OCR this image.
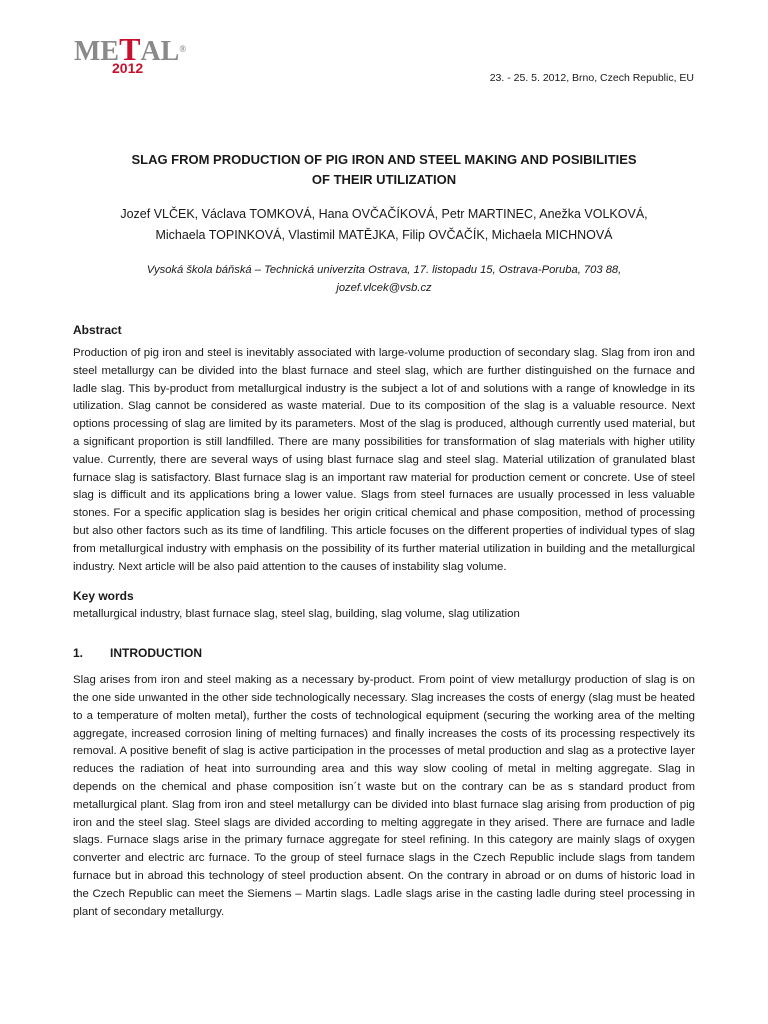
METAL®
2012
23. - 25. 5. 2012, Brno, Czech Republic, EU
SLAG FROM PRODUCTION OF PIG IRON AND STEEL MAKING AND POSIBILITIES
OF THEIR UTILIZATION

Jozef VLČEK, Václava TOMKOVÁ, Hana OVČAČÍKOVÁ, Petr MARTINEC, Anežka VOLKOVÁ,
Michaela TOPINKOVÁ, Vlastimil MATĚJKA, Filip OVČAČÍK, Michaela MICHNOVÁ

Vysoká škola báňská – Technická univerzita Ostrava, 17. listopadu 15, Ostrava-Poruba, 703 88,
jozef.vlcek@vsb.cz

Abstract

Production of pig iron and steel is inevitably associated with large-volume production of secondary slag. Slag from iron and steel metallurgy can be divided into the blast furnace and steel slag, which are further distinguished on the furnace and ladle slag. This by-product from metallurgical industry is the subject a lot of and solutions with a range of knowledge in its utilization. Slag cannot be considered as waste material. Due to its composition of the slag is a valuable resource. Next options processing of slag are limited by its parameters. Most of the slag is produced, although currently used material, but a significant proportion is still landfilled. There are many possibilities for transformation of slag materials with higher utility value. Currently, there are several ways of using blast furnace slag and steel slag. Material utilization of granulated blast furnace slag is satisfactory. Blast furnace slag is an important raw material for production cement or concrete. Use of steel slag is difficult and its applications bring a lower value. Slags from steel furnaces are usually processed in less valuable stones. For a specific application slag is besides her origin critical chemical and phase composition, method of processing but also other factors such as its time of landfiling. This article focuses on the different properties of individual types of slag from metallurgical industry with emphasis on the possibility of its further material utilization in building and the metallurgical industry. Next article will be also paid attention to the causes of instability slag volume.

Key words

metallurgical industry, blast furnace slag, steel slag, building, slag volume, slag utilization

1. INTRODUCTION

Slag arises from iron and steel making as a necessary by-product. From point of view metallurgy production of slag is on the one side unwanted in the other side technologically necessary. Slag increases the costs of energy (slag must be heated to a temperature of molten metal), further the costs of technological equipment (securing the working area of the melting aggregate, increased corrosion lining of melting furnaces) and finally increases the costs of its processing respectively its removal. A positive benefit of slag is active participation in the processes of metal production and slag as a protective layer reduces the radiation of heat into surrounding area and this way slow cooling of metal in melting aggregate. Slag in depends on the chemical and phase composition isn´t waste but on the contrary can be as s standard product from metallurgical plant. Slag from iron and steel metallurgy can be divided into blast furnace slag arising from production of pig iron and the steel slag. Steel slags are divided according to melting aggregate in they arised. There are furnace and ladle slags. Furnace slags arise in the primary furnace aggregate for steel refining. In this category are mainly slags of oxygen converter and electric arc furnace. To the group of steel furnace slags in the Czech Republic include slags from tandem furnace but in abroad this technology of steel production absent. On the contrary in abroad or on dums of historic load in the Czech Republic can meet the Siemens – Martin slags. Ladle slags arise in the casting ladle during steel processing in plant of secondary metallurgy.
